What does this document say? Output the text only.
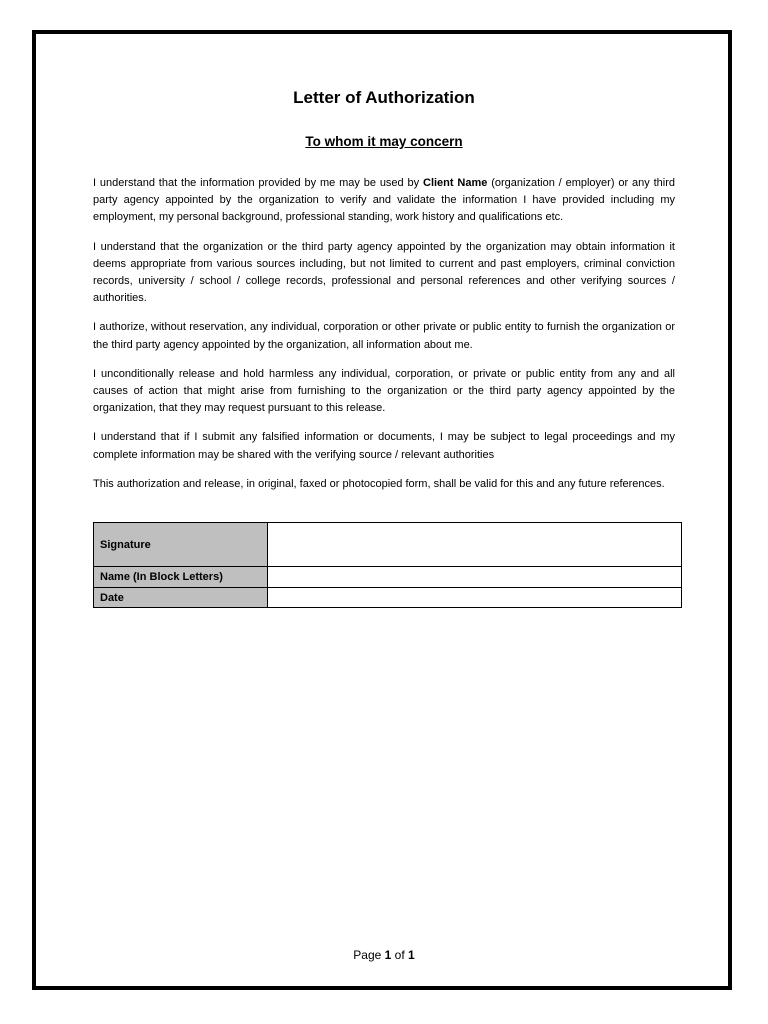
Letter of Authorization
To whom it may concern

I understand that the information provided by me may be used by Client Name (organization / employer) or any third party agency appointed by the organization to verify and validate the information I have provided including my employment, my personal background, professional standing, work history and qualifications etc.

I understand that the organization or the third party agency appointed by the organization may obtain information it deems appropriate from various sources including, but not limited to current and past employers, criminal conviction records, university / school / college records, professional and personal references and other verifying sources / authorities.

I authorize, without reservation, any individual, corporation or other private or public entity to furnish the organization or the third party agency appointed by the organization, all information about me.

I unconditionally release and hold harmless any individual, corporation, or private or public entity from any and all causes of action that might arise from furnishing to the organization or the third party agency appointed by the organization, that they may request pursuant to this release.

I understand that if I submit any falsified information or documents, I may be subject to legal proceedings and my complete information may be shared with the verifying source / relevant authorities

This authorization and release, in original, faxed or photocopied form, shall be valid for this and any future references.

Signature	
Name (In Block Letters)	
Date	
Page 1 of 1
